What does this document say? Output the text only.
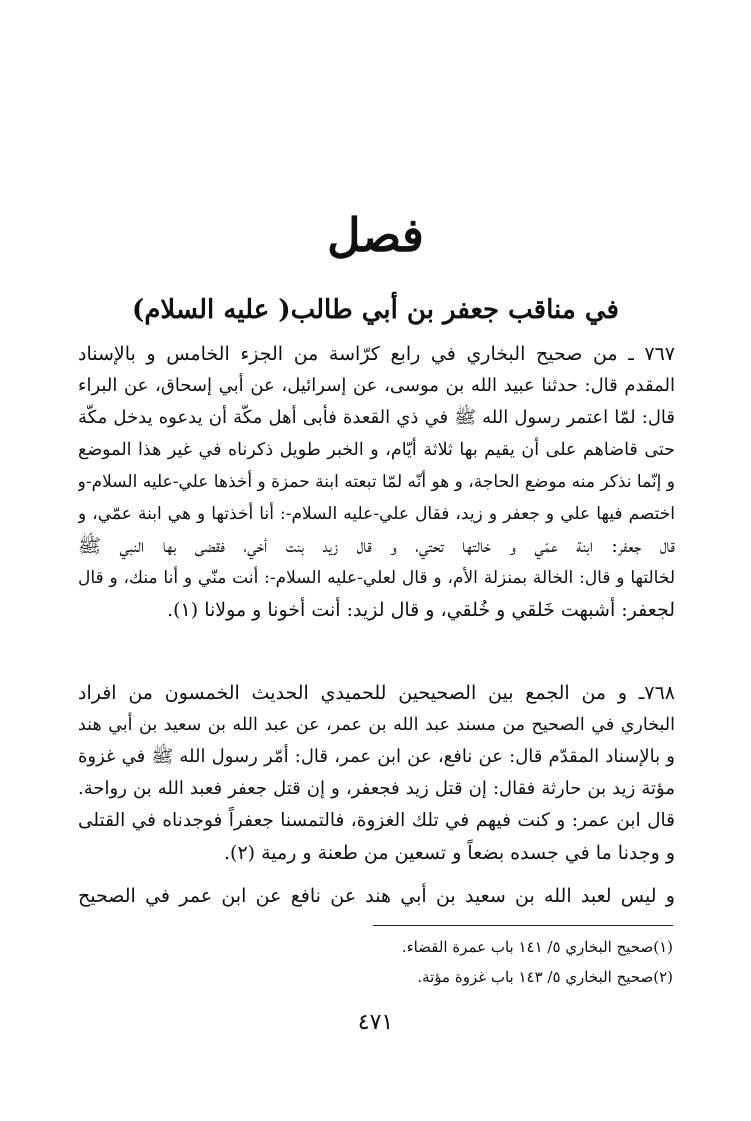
فصل
في مناقب جعفر بن أبي طالب( عليه السلام)
٧٦٧ ـ من صحيح البخاري في رابع كرّاسة من الجزء الخامس و بالإسناد
المقدم قال: حدثنا عبيد الله بن موسى، عن إسرائيل، عن أبي إسحاق، عن البراء
قال: لمّا اعتمر رسول الله ﷺ في ذي القعدة فأبى أهل مكّة أن يدعوه يدخل مكّة
حتى قاضاهم على أن يقيم بها ثلاثة أيّام، و الخبر طويل ذكرناه في غير هذا الموضع
و إنّما نذكر منه موضع الحاجة، و هو أنّه لمّا تبعته ابنة حمزة و أخذها علي-عليه السلام-و
اختصم فيها علي و جعفر و زيد، فقال علي-عليه السلام-: أنا أخذتها و هي ابنة عمّي، و
قال جعفر: ابنة عمّي و خالتها تحتي، و قال زيد بنت أخي، فقضى بها النبي ﷺ
لخالتها و قال: الخالة بمنزلة الأم، و قال لعلي-عليه السلام-: أنت منّي و أنا منك، و قال
لجعفر: أشبهت خَلقي و خُلقي، و قال لزيد: أنت أخونا و مولانا (١).
٧٦٨ـ و من الجمع بين الصحيحين للحميدي الحديث الخمسون من افراد
البخاري في الصحيح من مسند عبد الله بن عمر، عن عبد الله بن سعيد بن أبي هند
و بالإسناد المقدّم قال: عن نافع، عن ابن عمر، قال: أمّر رسول الله ﷺ في غزوة
مؤتة زيد بن حارثة فقال: إن قتل زيد فجعفر، و إن قتل جعفر فعبد الله بن رواحة.
قال ابن عمر: و كنت فيهم في تلك الغزوة، فالتمسنا جعفراً فوجدناه في القتلى
و وجدنا ما في جسده بضعاً و تسعين من طعنة و رمية (٢).
و ليس لعبد الله بن سعيد بن أبي هند عن نافع عن ابن عمر في الصحيح
(١)صحيح البخاري ٥/ ١٤١ باب عمرة القضاء.
(٢)صحيح البخاري ٥/ ١٤٣ باب غزوة مؤتة.
٤٧١
